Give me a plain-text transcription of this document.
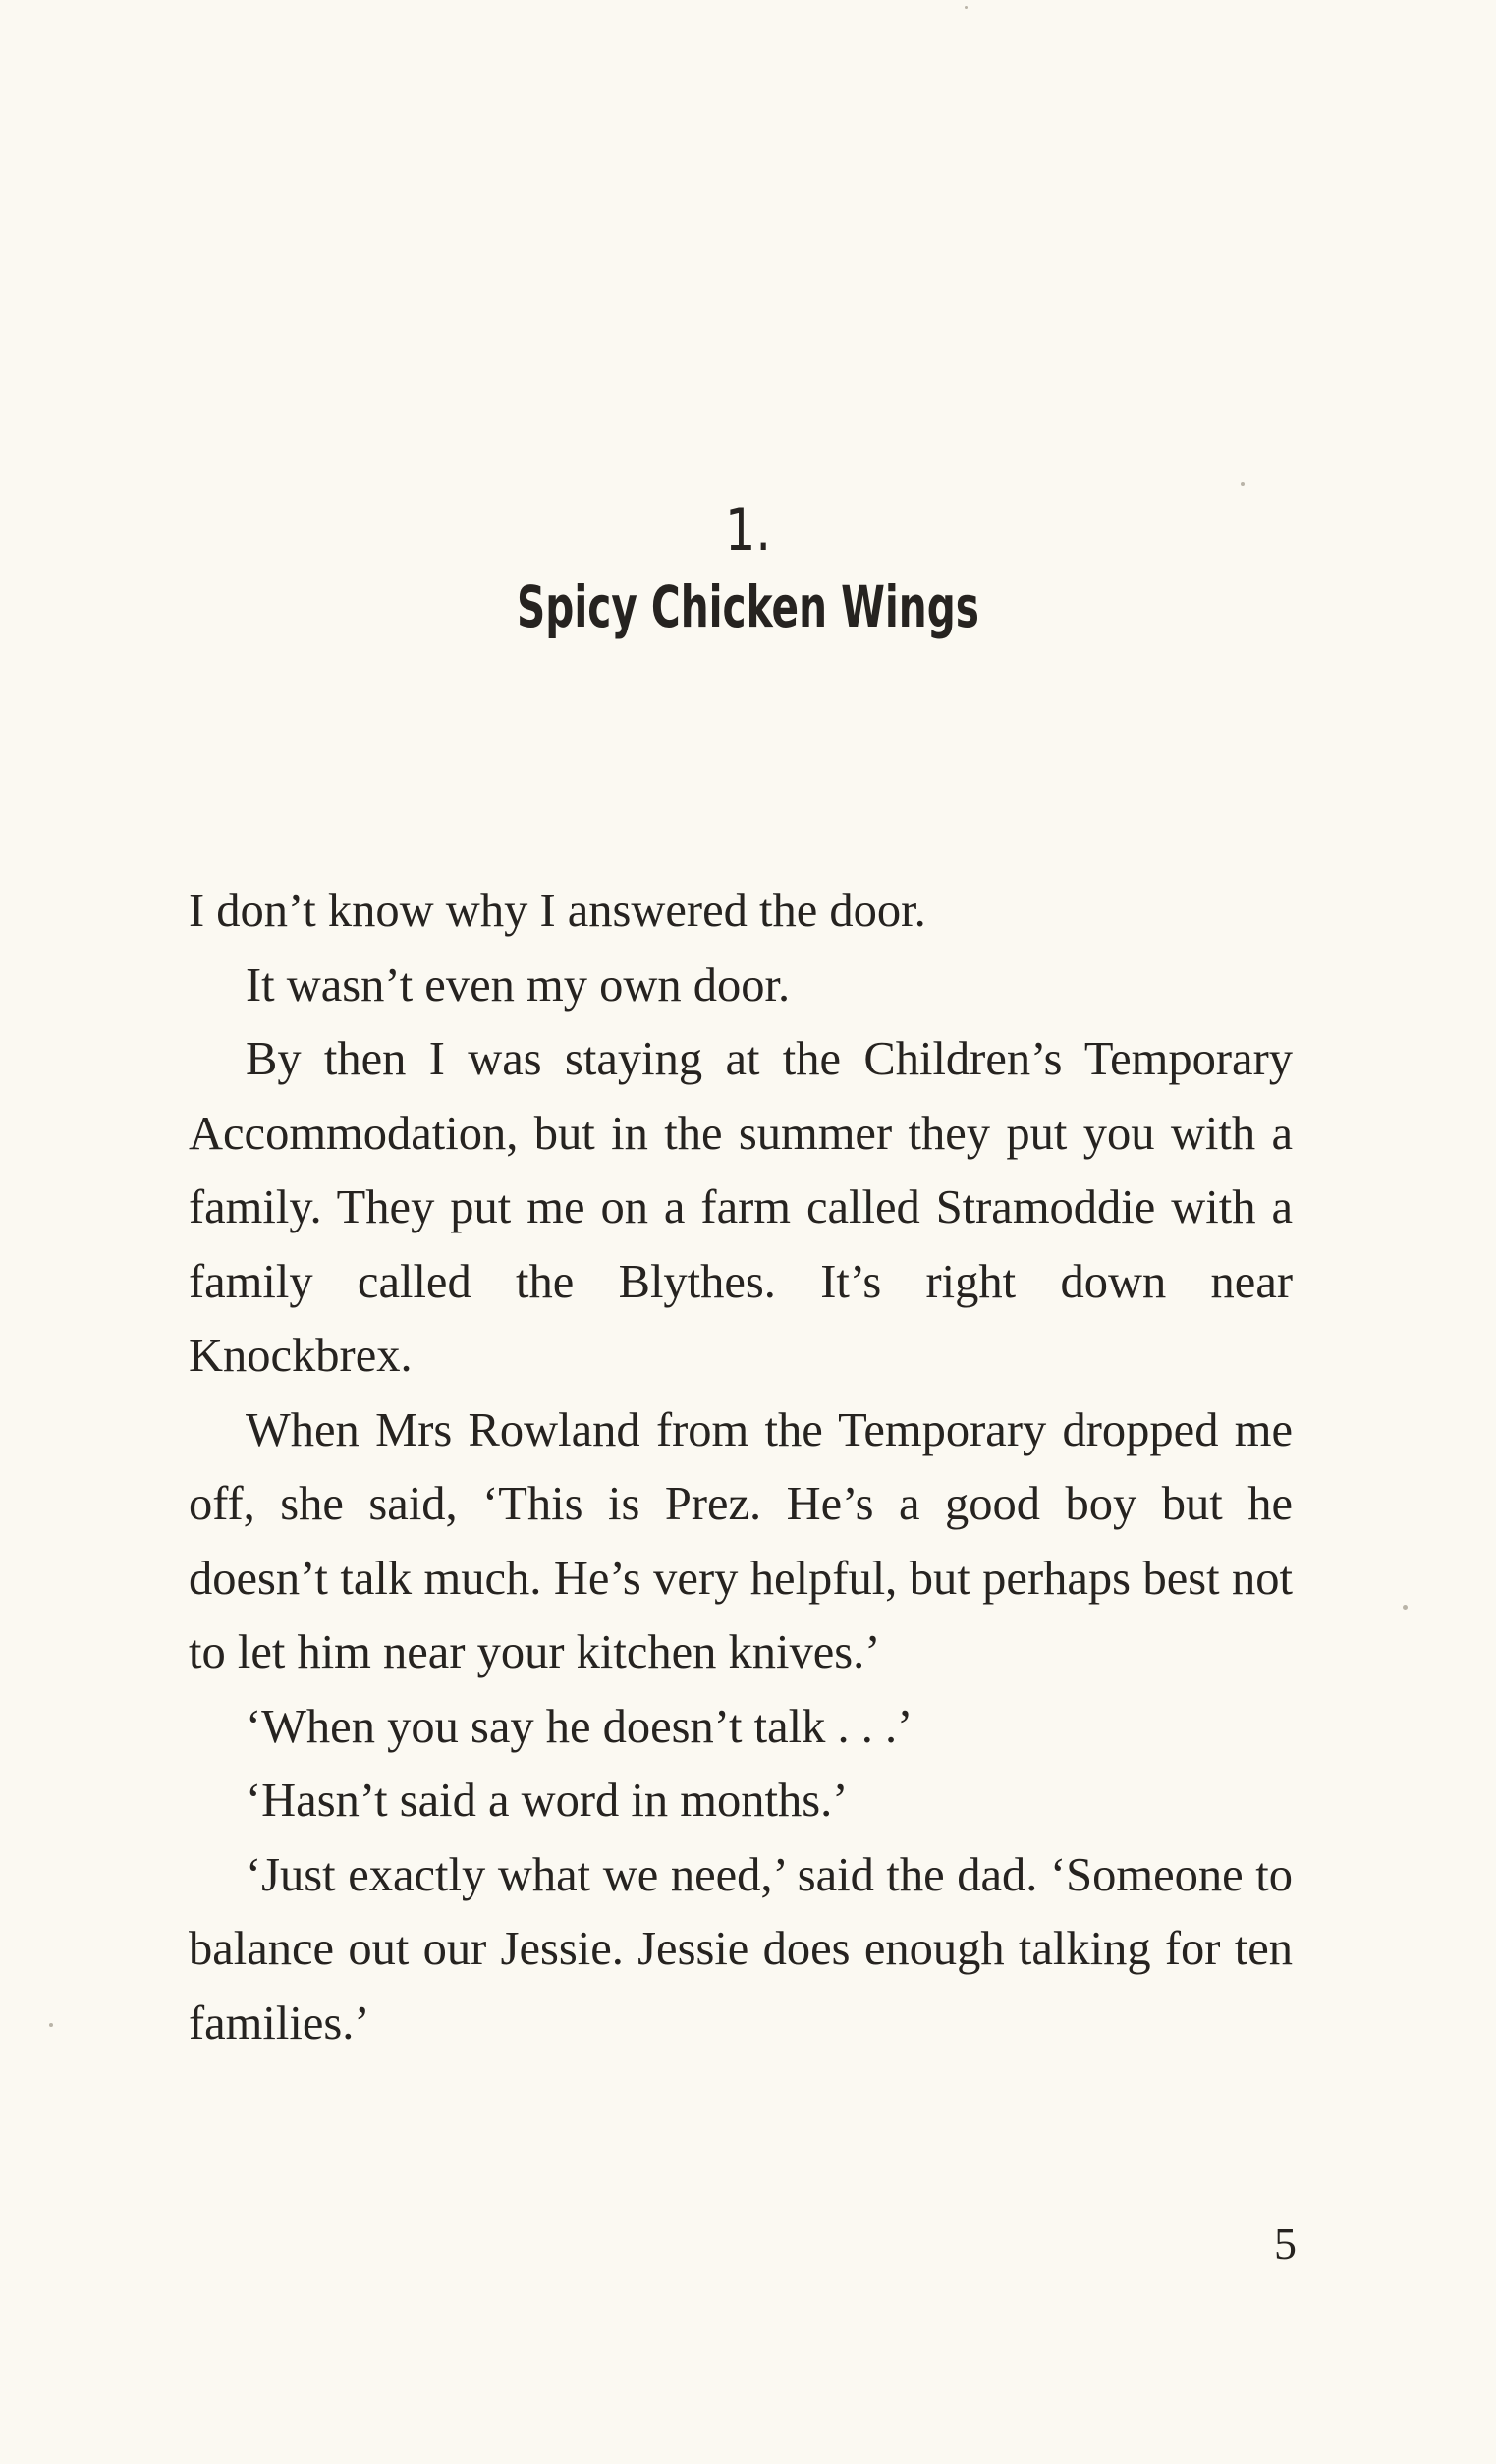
1.
Spicy Chicken Wings

I don’t know why I answered the door.

It wasn’t even my own door.

By then I was staying at the Children’s Temporary Accommodation, but in the summer they put you with a family. They put me on a farm called Stramoddie with a family called the Blythes. It’s right down near Knockbrex.

When Mrs Rowland from the Temporary dropped me off, she said, ‘This is Prez. He’s a good boy but he doesn’t talk much. He’s very helpful, but perhaps best not to let him near your kitchen knives.’

‘When you say he doesn’t talk . . .’

‘Hasn’t said a word in months.’

‘Just exactly what we need,’ said the dad. ‘Someone to balance out our Jessie. Jessie does enough talking for ten families.’

5
